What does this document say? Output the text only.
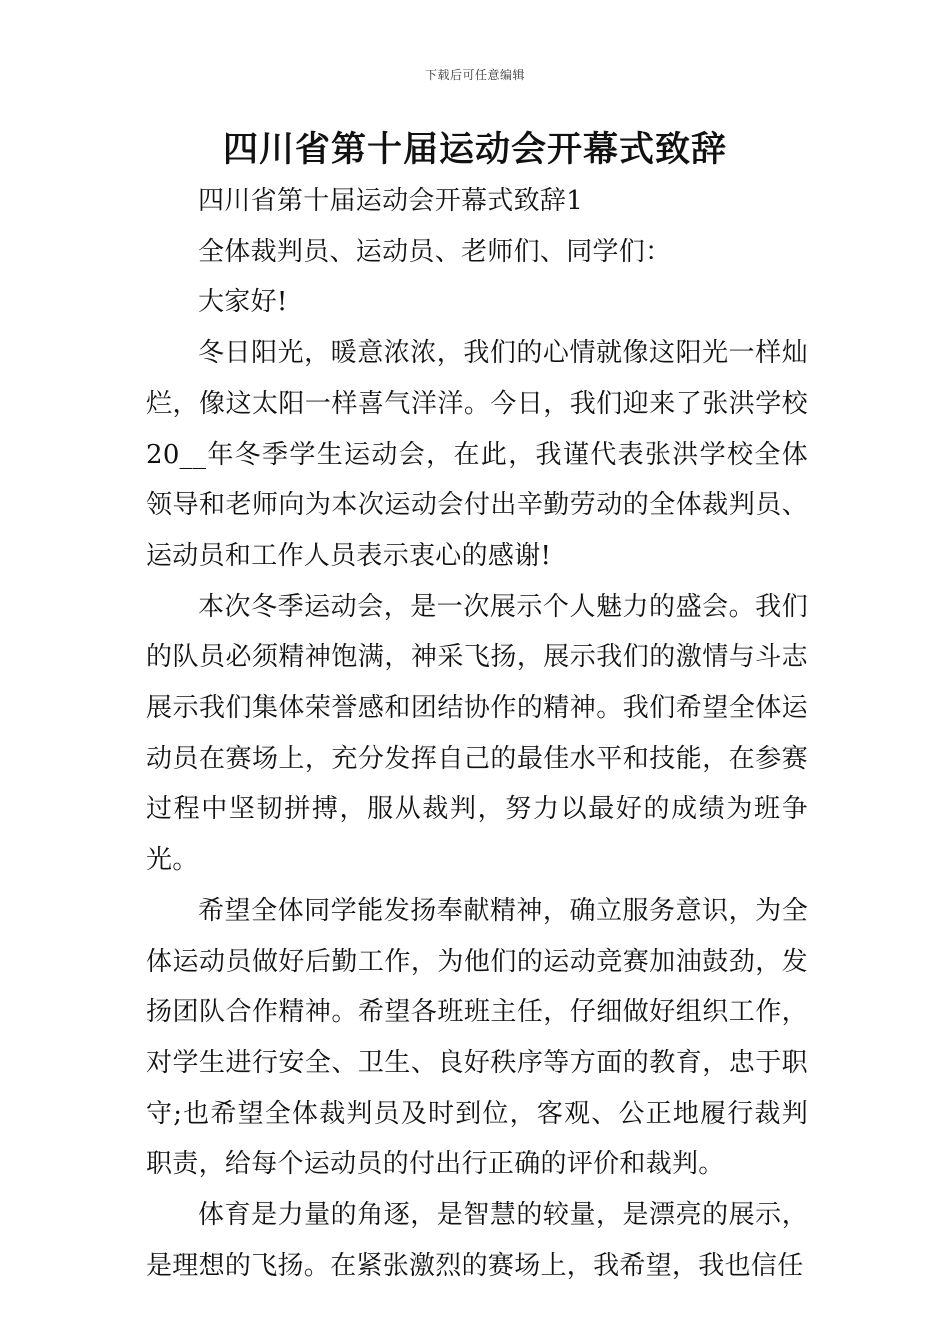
下载后可任意编辑
四川省第十届运动会开幕式致辞

四川省第十届运动会开幕式致辞1

全体裁判员、运动员、老师们、同学们：

大家好!

冬日阳光，暖意浓浓，我们的心情就像这阳光一样灿烂，像这太阳一样喜气洋洋。今日，我们迎来了张洪学校20__年冬季学生运动会，在此，我谨代表张洪学校全体领导和老师向为本次运动会付出辛勤劳动的全体裁判员、运动员和工作人员表示衷心的感谢!

本次冬季运动会，是一次展示个人魅力的盛会。我们的队员必须精神饱满，神采飞扬，展示我们的激情与斗志展示我们集体荣誉感和团结协作的精神。我们希望全体运动员在赛场上，充分发挥自己的最佳水平和技能，在参赛过程中坚韧拼搏，服从裁判，努力以最好的成绩为班争光。

希望全体同学能发扬奉献精神，确立服务意识，为全体运动员做好后勤工作，为他们的运动竞赛加油鼓劲，发扬团队合作精神。希望各班班主任，仔细做好组织工作，对学生进行安全、卫生、良好秩序等方面的教育，忠于职守;也希望全体裁判员及时到位，客观、公正地履行裁判职责，给每个运动员的付出行正确的评价和裁判。

体育是力量的角逐，是智慧的较量，是漂亮的展示，是理想的飞扬。在紧张激烈的赛场上，我希望，我也信任
